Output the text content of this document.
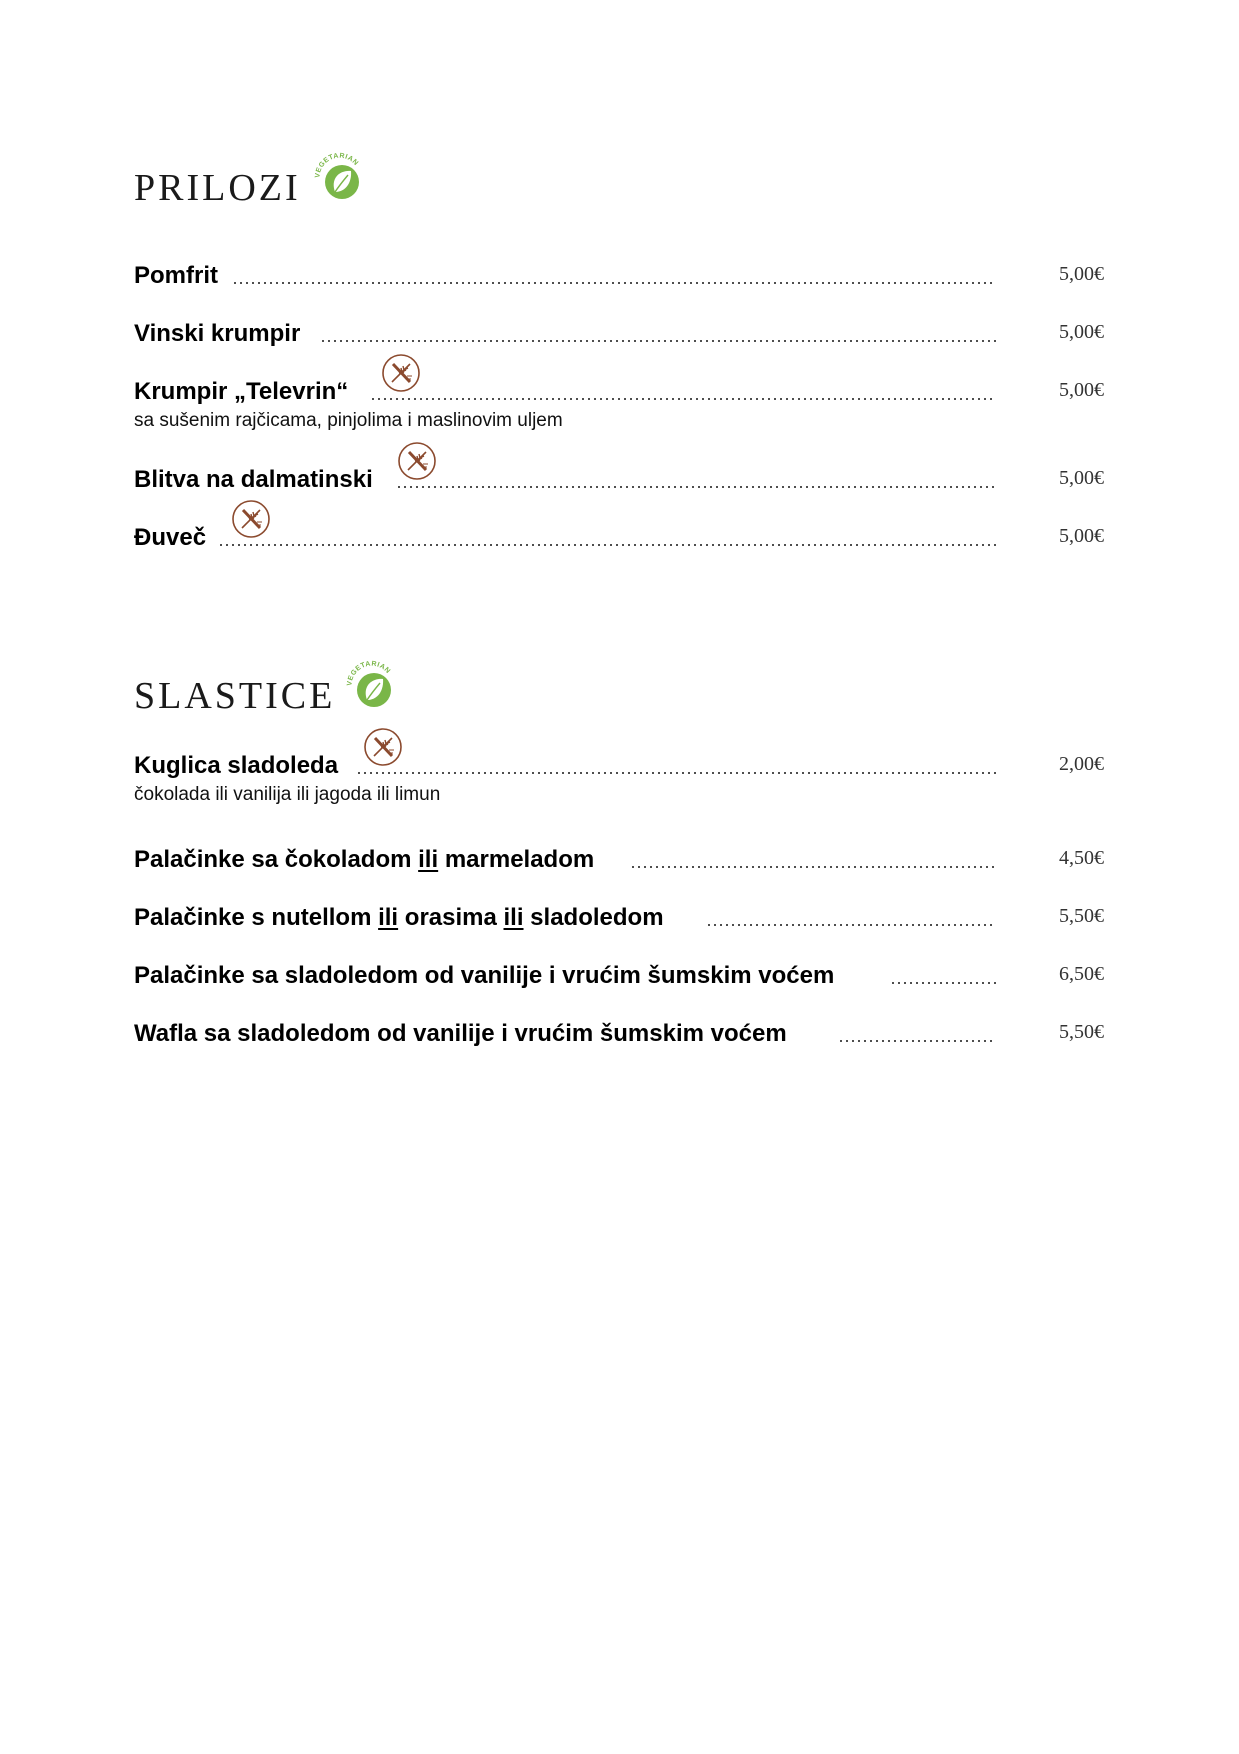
PRILOZI
Pomfrit	5,00€
Vinski krumpir	5,00€
Krumpir „Televrin“	5,00€
sa sušenim rajčicama, pinjolima i maslinovim uljem
Blitva na dalmatinski	5,00€
Đuveč	5,00€
SLASTICE
Kuglica sladoleda	2,00€
čokolada ili vanilija ili jagoda ili limun
Palačinke sa čokoladom ili marmeladom	4,50€
Palačinke s nutellom ili orasima ili sladoledom	5,50€
Palačinke sa sladoledom od vanilije i vrućim šumskim voćem	6,50€
Wafla sa sladoledom od vanilije i vrućim šumskim voćem	5,50€
